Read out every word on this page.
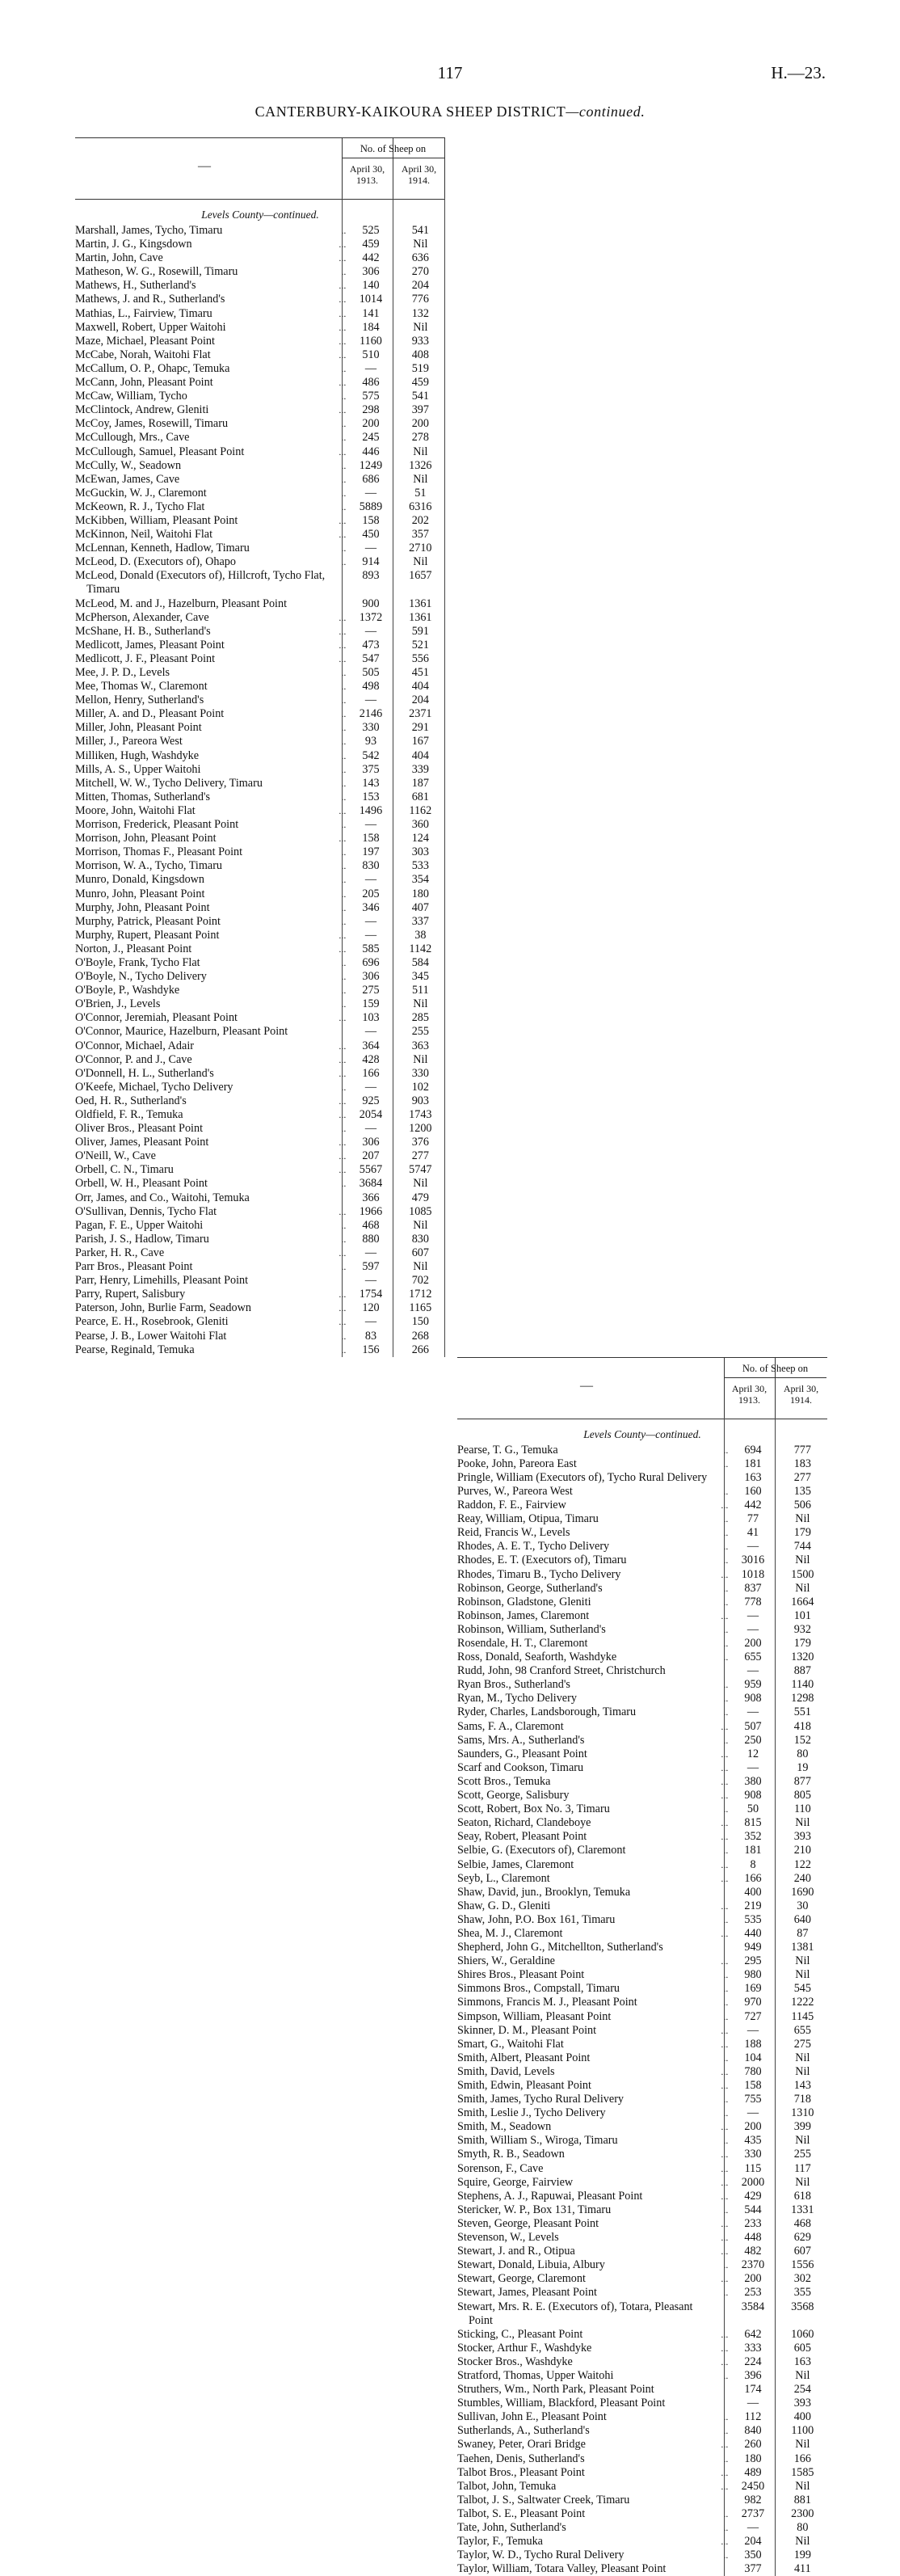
117	H.—23.
CANTERBURY-KAIKOURA SHEEP DISTRICT—continued.
—
No. of Sheep on
April 30, 1913.
April 30, 1914.
Levels County—continued.
Marshall, James, Tycho, Timaru	..	525	541
Martin, J. G., Kingsdown	...	459	Nil
Martin, John, Cave	...	442	636
Matheson, W. G., Rosewill, Timaru	..	306	270
Mathews, H., Sutherland's	...	140	204
Mathews, J. and R., Sutherland's	...	1014	776
Mathias, L., Fairview, Timaru	...	141	132
Maxwell, Robert, Upper Waitohi	...	184	Nil
Maze, Michael, Pleasant Point	...	1160	933
McCabe, Norah, Waitohi Flat	...	510	408
McCallum, O. P., Ohapc, Temuka	..	—	519
McCann, John, Pleasant Point	...	486	459
McCaw, William, Tycho	..	575	541
McClintock, Andrew, Gleniti	...	298	397
McCoy, James, Rosewill, Timaru	..	200	200
McCullough, Mrs., Cave	..	245	278
McCullough, Samuel, Pleasant Point	...	446	Nil
McCully, W., Seadown	..	1249	1326
McEwan, James, Cave	..	686	Nil
McGuckin, W. J., Claremont	..	—	51
McKeown, R. J., Tycho Flat	..	5889	6316
McKibben, William, Pleasant Point	...	158	202
McKinnon, Neil, Waitohi Flat	...	450	357
McLennan, Kenneth, Hadlow, Timaru	..	—	2710
McLeod, D. (Executors of), Ohapo	..	914	Nil
McLeod, Donald (Executors of), Hillcroft, Tycho Flat, Timaru
893	1657
McLeod, M. and J., Hazelburn, Pleasant Point	900	1361
McPherson, Alexander, Cave	...	1372	1361
McShane, H. B., Sutherland's	...	—	591
Medlicott, James, Pleasant Point	...	473	521
Medlicott, J. F., Pleasant Point	...	547	556
Mee, J. P. D., Levels	..	505	451
Mee, Thomas W., Claremont	..	498	404
Mellon, Henry, Sutherland's	..	—	204
Miller, A. and D., Pleasant Point	..	2146	2371
Miller, John, Pleasant Point	..	330	291
Miller, J., Pareora West	..	93	167
Milliken, Hugh, Washdyke	..	542	404
Mills, A. S., Upper Waitohi	..	375	339
Mitchell, W. W., Tycho Delivery, Timaru	..	143	187
Mitten, Thomas, Sutherland's	..	153	681
Moore, John, Waitohi Flat	...	1496	1162
Morrison, Frederick, Pleasant Point	..	—	360
Morrison, John, Pleasant Point	...	158	124
Morrison, Thomas F., Pleasant Point	..	197	303
Morrison, W. A., Tycho, Timaru	..	830	533
Munro, Donald, Kingsdown	..	—	354
Munro, John, Pleasant Point	..	205	180
Murphy, John, Pleasant Point	..	346	407
Murphy, Patrick, Pleasant Point	..	—	337
Murphy, Rupert, Pleasant Point	...	—	38
Norton, J., Pleasant Point	...	585	1142
O'Boyle, Frank, Tycho Flat	..	696	584
O'Boyle, N., Tycho Delivery	..	306	345
O'Boyle, P., Washdyke	..	275	511
O'Brien, J., Levels	..	159	Nil
O'Connor, Jeremiah, Pleasant Point	...	103	285
O'Connor, Maurice, Hazelburn, Pleasant Point	—	255
O'Connor, Michael, Adair	...	364	363
O'Connor, P. and J., Cave	...	428	Nil
O'Donnell, H. L., Sutherland's	...	166	330
O'Keefe, Michael, Tycho Delivery	..	—	102
Oed, H. R., Sutherland's	...	925	903
Oldfield, F. R., Temuka	...	2054	1743
Oliver Bros., Pleasant Point	..	—	1200
Oliver, James, Pleasant Point	...	306	376
O'Neill, W., Cave	...	207	277
Orbell, C. N., Timaru	...	5567	5747
Orbell, W. H., Pleasant Point	..	3684	Nil
Orr, James, and Co., Waitohi, Temuka	366	479
O'Sullivan, Dennis, Tycho Flat	...	1966	1085
Pagan, F. E., Upper Waitohi	..	468	Nil
Parish, J. S., Hadlow, Timaru	..	880	830
Parker, H. R., Cave	...	—	607
Parr Bros., Pleasant Point	..	597	Nil
Parr, Henry, Limehills, Pleasant Point	—	702
Parry, Rupert, Salisbury	...	1754	1712
Paterson, John, Burlie Farm, Seadown	...	120	1165
Pearce, E. H., Rosebrook, Gleniti	...	—	150
Pearse, J. B., Lower Waitohi Flat	..	83	268
Pearse, Reginald, Temuka	..	156	266
—
No. of Sheep on
April 30, 1913.
April 30, 1914.
Levels County—continued.
Pearse, T. G., Temuka	..	694	777
Pooke, John, Pareora East	..	181	183
Pringle, William (Executors of), Tycho Rural Delivery	163	277
Purves, W., Pareora West	..	160	135
Raddon, F. E., Fairview	...	442	506
Reay, William, Otipua, Timaru	..	77	Nil
Reid, Francis W., Levels	..	41	179
Rhodes, A. E. T., Tycho Delivery	..	—	744
Rhodes, E. T. (Executors of), Timaru	..	3016	Nil
Rhodes, Timaru B., Tycho Delivery	...	1018	1500
Robinson, George, Sutherland's	..	837	Nil
Robinson, Gladstone, Gleniti	..	778	1664
Robinson, James, Claremont	...	—	101
Robinson, William, Sutherland's	..	—	932
Rosendale, H. T., Claremont	..	200	179
Ross, Donald, Seaforth, Washdyke	..	655	1320
Rudd, John, 98 Cranford Street, Christchurch	—	887
Ryan Bros., Sutherland's	..	959	1140
Ryan, M., Tycho Delivery	..	908	1298
Ryder, Charles, Landsborough, Timaru	..	—	551
Sams, F. A., Claremont	...	507	418
Sams, Mrs. A., Sutherland's	..	250	152
Saunders, G., Pleasant Point	...	12	80
Scarf and Cookson, Timaru	...	—	19
Scott Bros., Temuka	...	380	877
Scott, George, Salisbury	...	908	805
Scott, Robert, Box No. 3, Timaru	..	50	110
Seaton, Richard, Clandeboye	...	815	Nil
Seay, Robert, Pleasant Point	...	352	393
Selbie, G. (Executors of), Claremont	..	181	210
Selbie, James, Claremont	...	8	122
Seyb, L., Claremont	...	166	240
Shaw, David, jun., Brooklyn, Temuka	400	1690
Shaw, G. D., Gleniti	...	219	30
Shaw, John, P.O. Box 161, Timaru	..	535	640
Shea, M. J., Claremont	...	440	87
Shepherd, John G., Mitchellton, Sutherland's	949	1381
Shiers, W., Geraldine	...	295	Nil
Shires Bros., Pleasant Point	..	980	Nil
Simmons Bros., Compstall, Timaru	..	169	545
Simmons, Francis M. J., Pleasant Point	..	970	1222
Simpson, William, Pleasant Point	..	727	1145
Skinner, D. M., Pleasant Point	...	—	655
Smart, G., Waitohi Flat	...	188	275
Smith, Albert, Pleasant Point	..	104	Nil
Smith, David, Levels	...	780	Nil
Smith, Edwin, Pleasant Point	...	158	143
Smith, James, Tycho Rural Delivery	..	755	718
Smith, Leslie J., Tycho Delivery	..	—	1310
Smith, M., Seadown	...	200	399
Smith, William S., Wiroga, Timaru	..	435	Nil
Smyth, R. B., Seadown	...	330	255
Sorenson, F., Cave	...	115	117
Squire, George, Fairview	...	2000	Nil
Stephens, A. J., Rapuwai, Pleasant Point	...	429	618
Stericker, W. P., Box 131, Timaru	..	544	1331
Steven, George, Pleasant Point	...	233	468
Stevenson, W., Levels	...	448	629
Stewart, J. and R., Otipua	...	482	607
Stewart, Donald, Libuia, Albury	..	2370	1556
Stewart, George, Claremont	...	200	302
Stewart, James, Pleasant Point	..	253	355
Stewart, Mrs. R. E. (Executors of), Totara, Pleasant Point
3584	3568
Sticking, C., Pleasant Point	...	642	1060
Stocker, Arthur F., Washdyke	...	333	605
Stocker Bros., Washdyke	...	224	163
Stratford, Thomas, Upper Waitohi	..	396	Nil
Struthers, Wm., North Park, Pleasant Point	174	254
Stumbles, William, Blackford, Pleasant Point	—	393
Sullivan, John E., Pleasant Point	..	112	400
Sutherlands, A., Sutherland's	..	840	1100
Swaney, Peter, Orari Bridge	...	260	Nil
Taehen, Denis, Sutherland's	..	180	166
Talbot Bros., Pleasant Point	...	489	1585
Talbot, John, Temuka	...	2450	Nil
Talbot, J. S., Saltwater Creek, Timaru	982	881
Talbot, S. E., Pleasant Point	..	2737	2300
Tate, John, Sutherland's	..	—	80
Taylor, F., Temuka	...	204	Nil
Taylor, W. D., Tycho Rural Delivery	..	350	199
Taylor, William, Totara Valley, Pleasant Point	377	411
